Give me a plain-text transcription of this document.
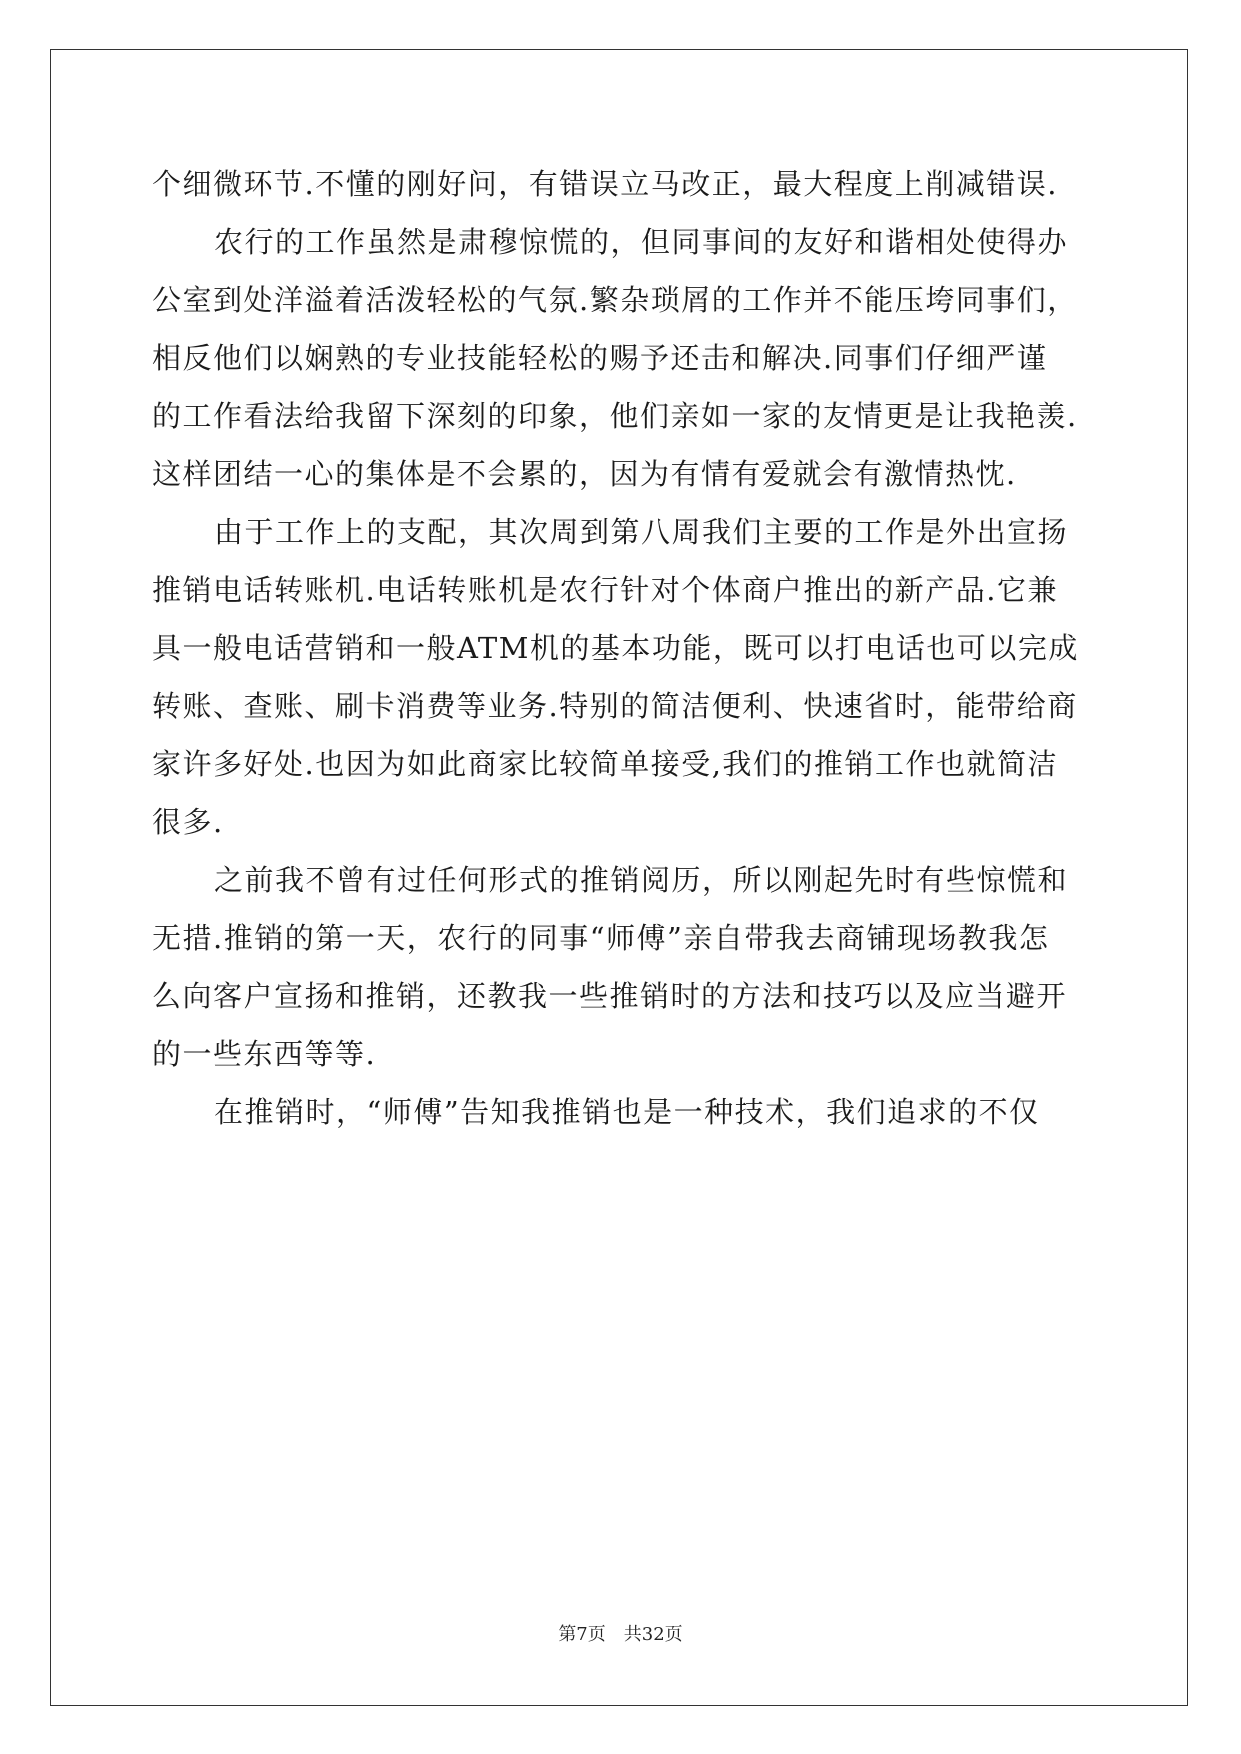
个细微环节.不懂的刚好问，有错误立马改正，最大程度上削减错误.
农行的工作虽然是肃穆惊慌的，但同事间的友好和谐相处使得办
公室到处洋溢着活泼轻松的气氛.繁杂琐屑的工作并不能压垮同事们，
相反他们以娴熟的专业技能轻松的赐予还击和解决.同事们仔细严谨
的工作看法给我留下深刻的印象，他们亲如一家的友情更是让我艳羡.
这样团结一心的集体是不会累的，因为有情有爱就会有激情热忱.
由于工作上的支配，其次周到第八周我们主要的工作是外出宣扬
推销电话转账机.电话转账机是农行针对个体商户推出的新产品.它兼
具一般电话营销和一般ATM机的基本功能，既可以打电话也可以完成
转账、查账、刷卡消费等业务.特别的简洁便利、快速省时，能带给商
家许多好处.也因为如此商家比较简单接受,我们的推销工作也就简洁
很多.
之前我不曾有过任何形式的推销阅历，所以刚起先时有些惊慌和
无措.推销的第一天，农行的同事“师傅”亲自带我去商铺现场教我怎
么向客户宣扬和推销，还教我一些推销时的方法和技巧以及应当避开
的一些东西等等.
在推销时，“师傅”告知我推销也是一种技术，我们追求的不仅
第7页　共32页
